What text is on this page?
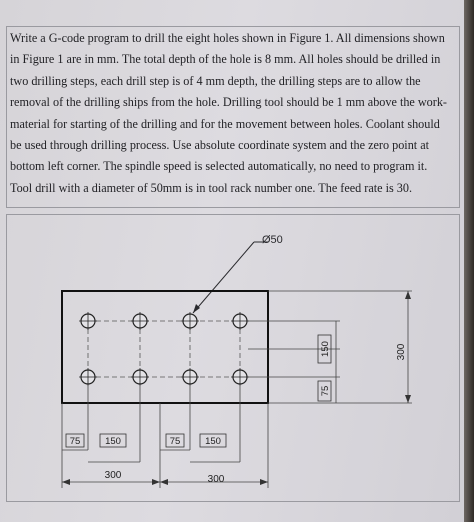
Write a G-code program to drill the eight holes shown in Figure 1. All dimensions shown
in Figure 1 are in mm. The total depth of the hole is 8 mm. All holes should be drilled in
two drilling steps, each drill step is of 4 mm depth, the drilling steps are to allow the
removal of the drilling ships from the hole. Drilling tool should be 1 mm above the work-
material for starting of the drilling and for the movement between holes. Coolant should
be used through drilling process. Use absolute coordinate system and the zero point at
bottom left corner. The spindle speed is selected automatically, no need to program it.
Tool drill with a diameter of 50mm is in tool rack number one. The feed rate is 30.
Ø50
75	150	75	150
300	300
150
75
300
